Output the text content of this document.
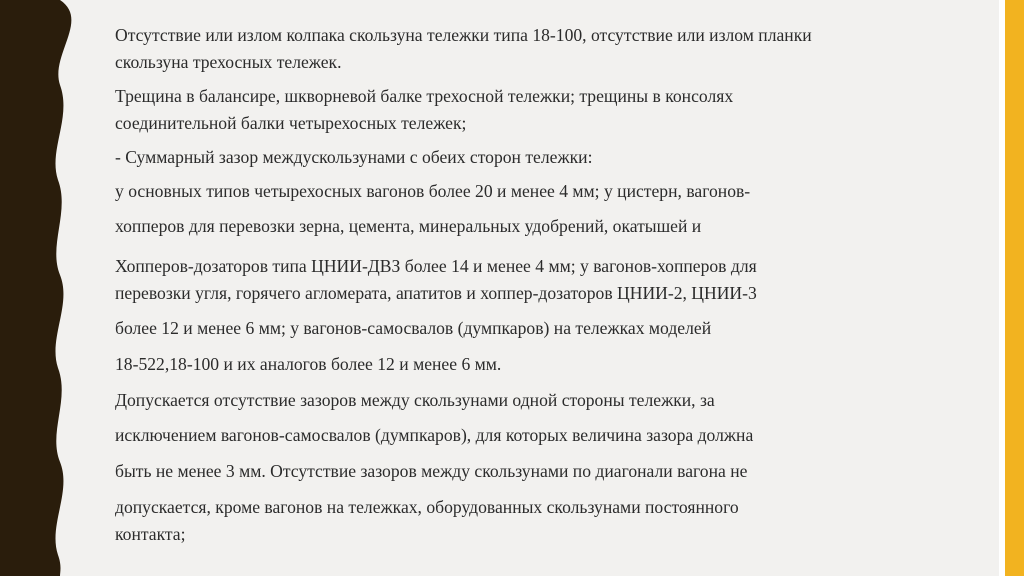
Отсутствие или излом колпака скользуна тележки типа 18-100, отсутствие или излом планки
скользуна трехосных тележек.

Трещина в балансире, шкворневой балке трехосной тележки; трещины в консолях
соединительной балки четырехосных тележек;

- Суммарный зазор междускользунами с обеих сторон тележки:

у основных типов четырехосных вагонов более 20 и менее 4 мм; у цистерн, вагонов-

хопперов для перевозки зерна, цемента, минеральных удобрений, окатышей и

Хопперов-дозаторов типа ЦНИИ-ДВЗ более 14 и менее 4 мм; у вагонов-хопперов для
перевозки угля, горячего агломерата, апатитов и хоппер-дозаторов ЦНИИ-2, ЦНИИ-3

более 12 и менее 6 мм; у вагонов-самосвалов (думпкаров) на тележках моделей

18-522,18-100 и их аналогов более 12 и менее 6 мм.

Допускается отсутствие зазоров между скользунами одной стороны тележки, за

исключением вагонов-самосвалов (думпкаров), для которых величина зазора должна

быть не менее 3 мм. Отсутствие зазоров между скользунами по диагонали вагона не

допускается, кроме вагонов на тележках, оборудованных скользунами постоянного
контакта;
